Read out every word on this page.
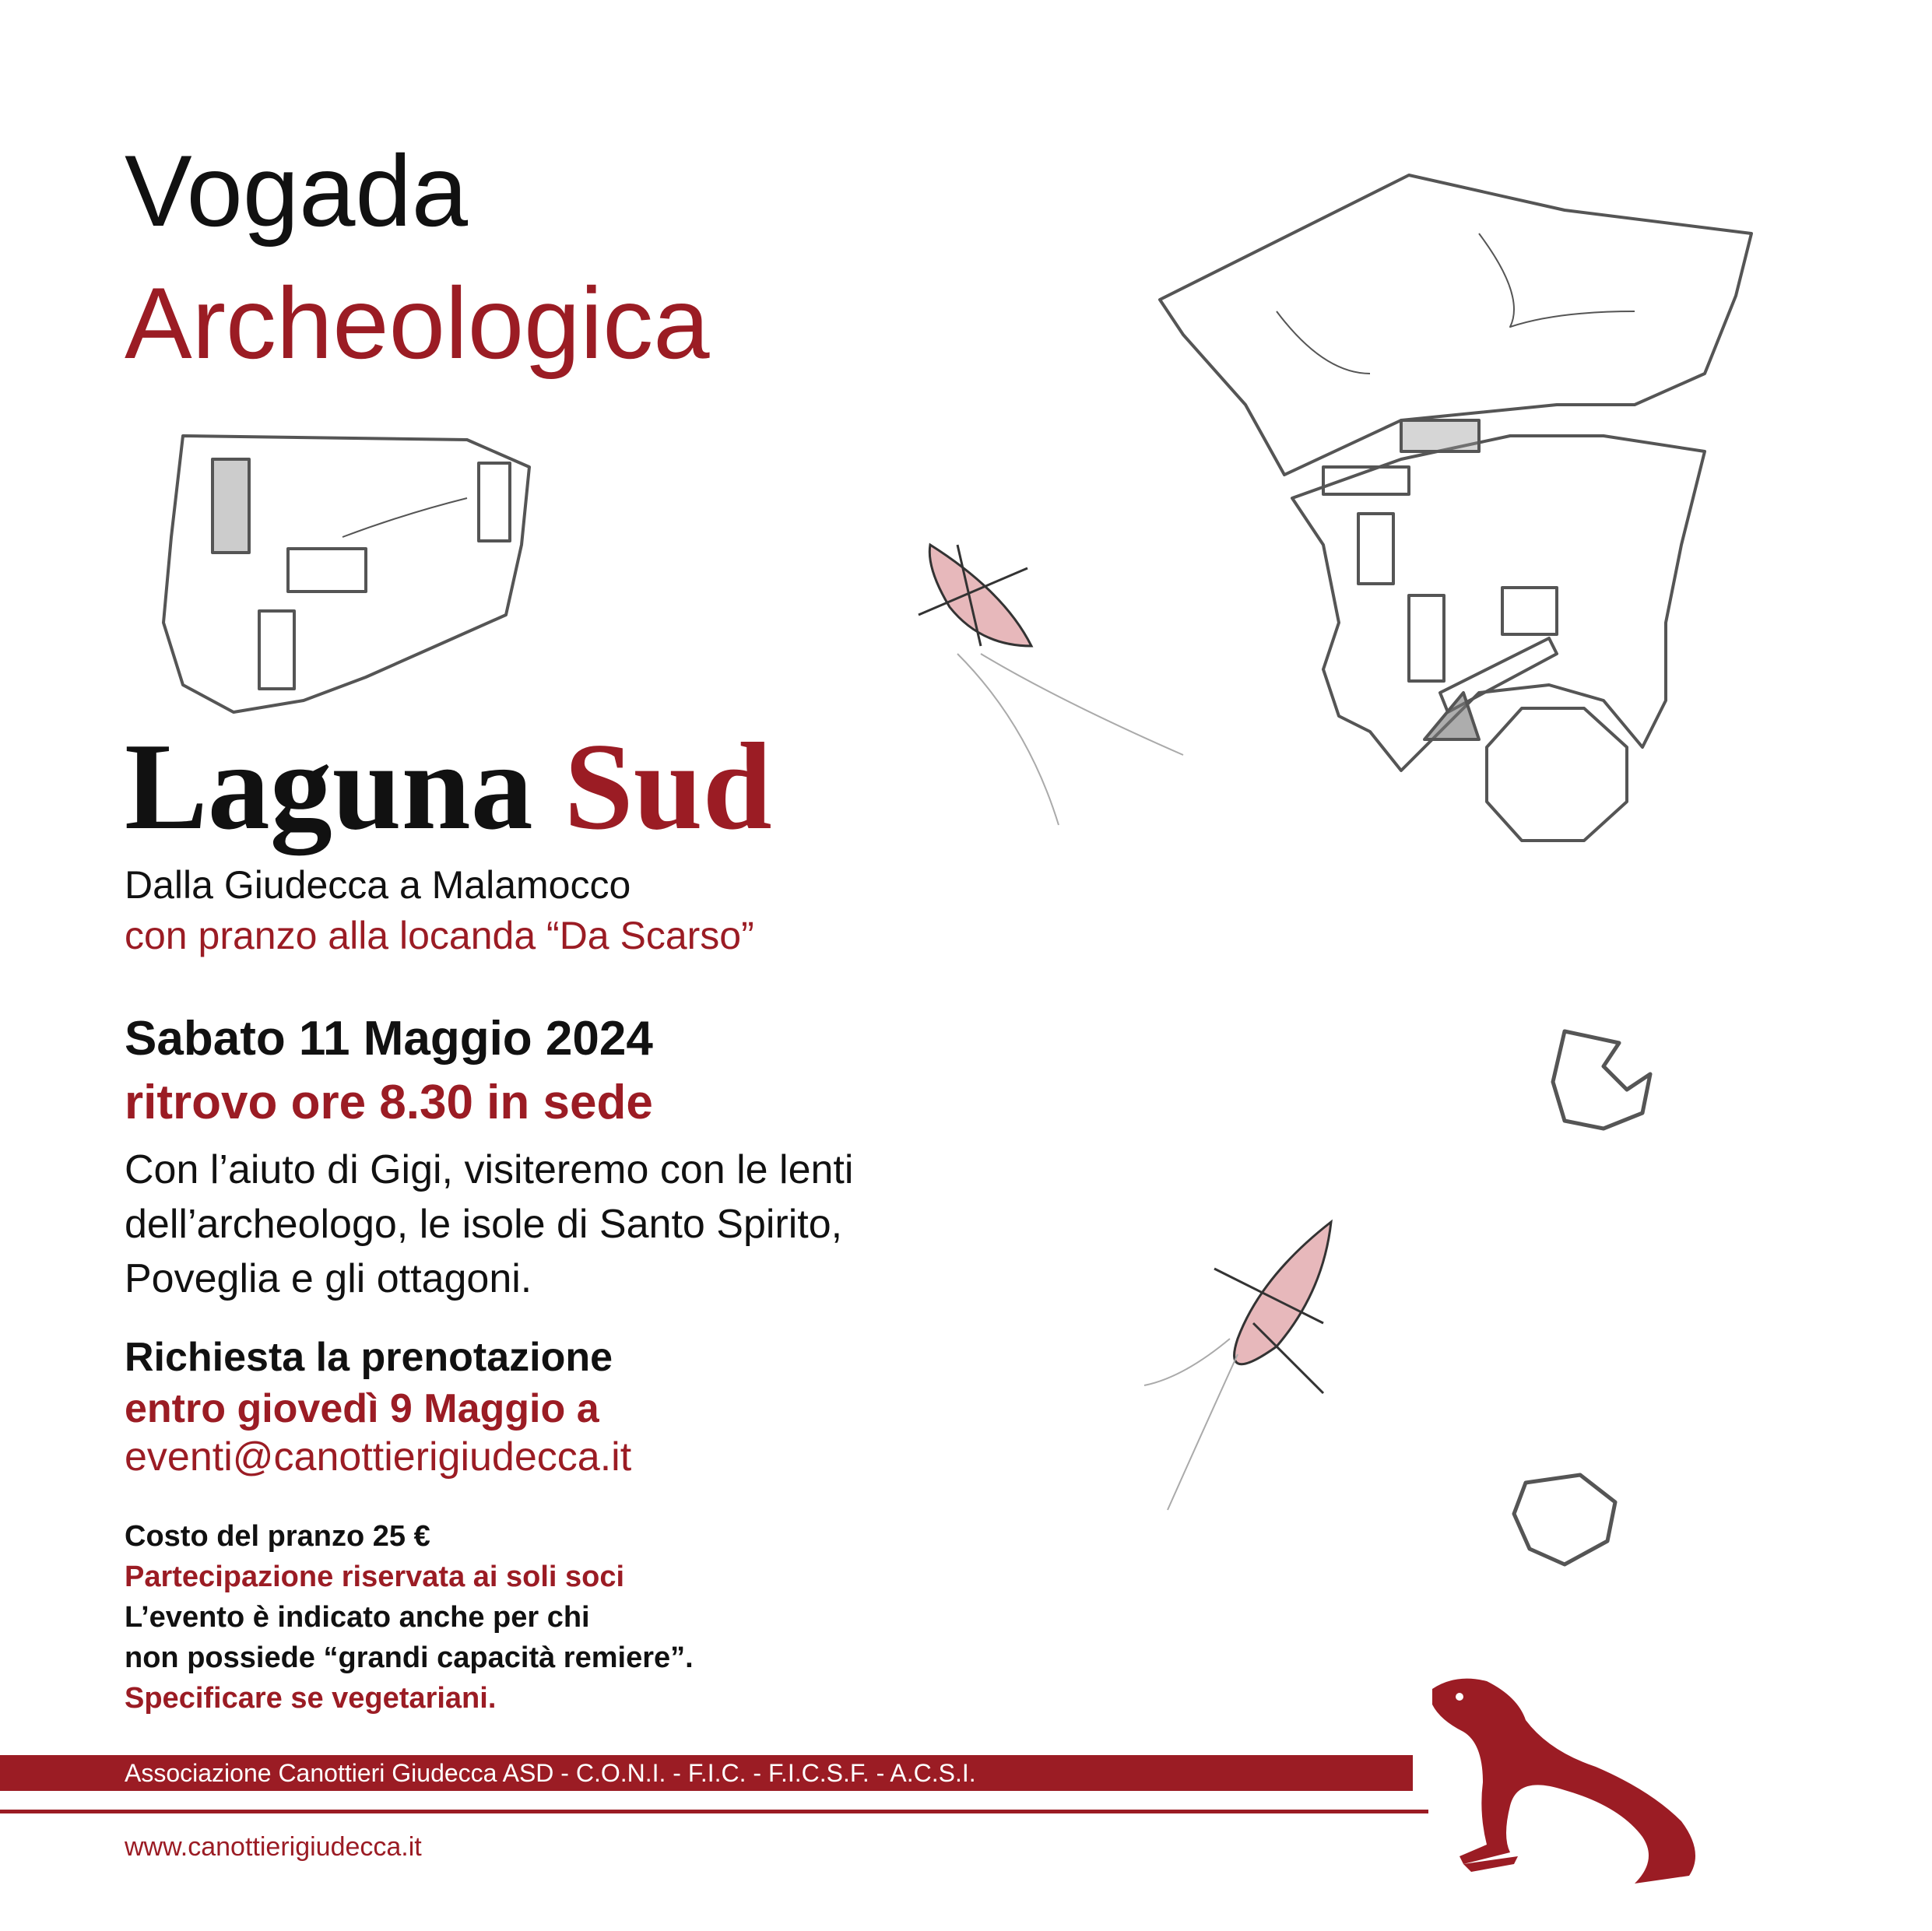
Vogada
Archeologica
Laguna Sud
Dalla Giudecca a Malamocco
con pranzo alla locanda “Da Scarso”
Sabato 11 Maggio 2024
ritrovo ore 8.30 in sede
Con l’aiuto di Gigi, visiteremo con le lenti
dell’archeologo, le isole di Santo Spirito,
Poveglia e gli ottagoni.
Richiesta la prenotazione
entro giovedì 9 Maggio a
eventi@canottierigiudecca.it
Costo del pranzo 25 €
Partecipazione riservata ai soli soci
L’evento è indicato anche per chi
non possiede “grandi capacità remiere”.
Specificare se vegetariani.
Associazione Canottieri Giudecca ASD - C.O.N.I. - F.I.C. - F.I.C.S.F. - A.C.S.I.
www.canottierigiudecca.it
